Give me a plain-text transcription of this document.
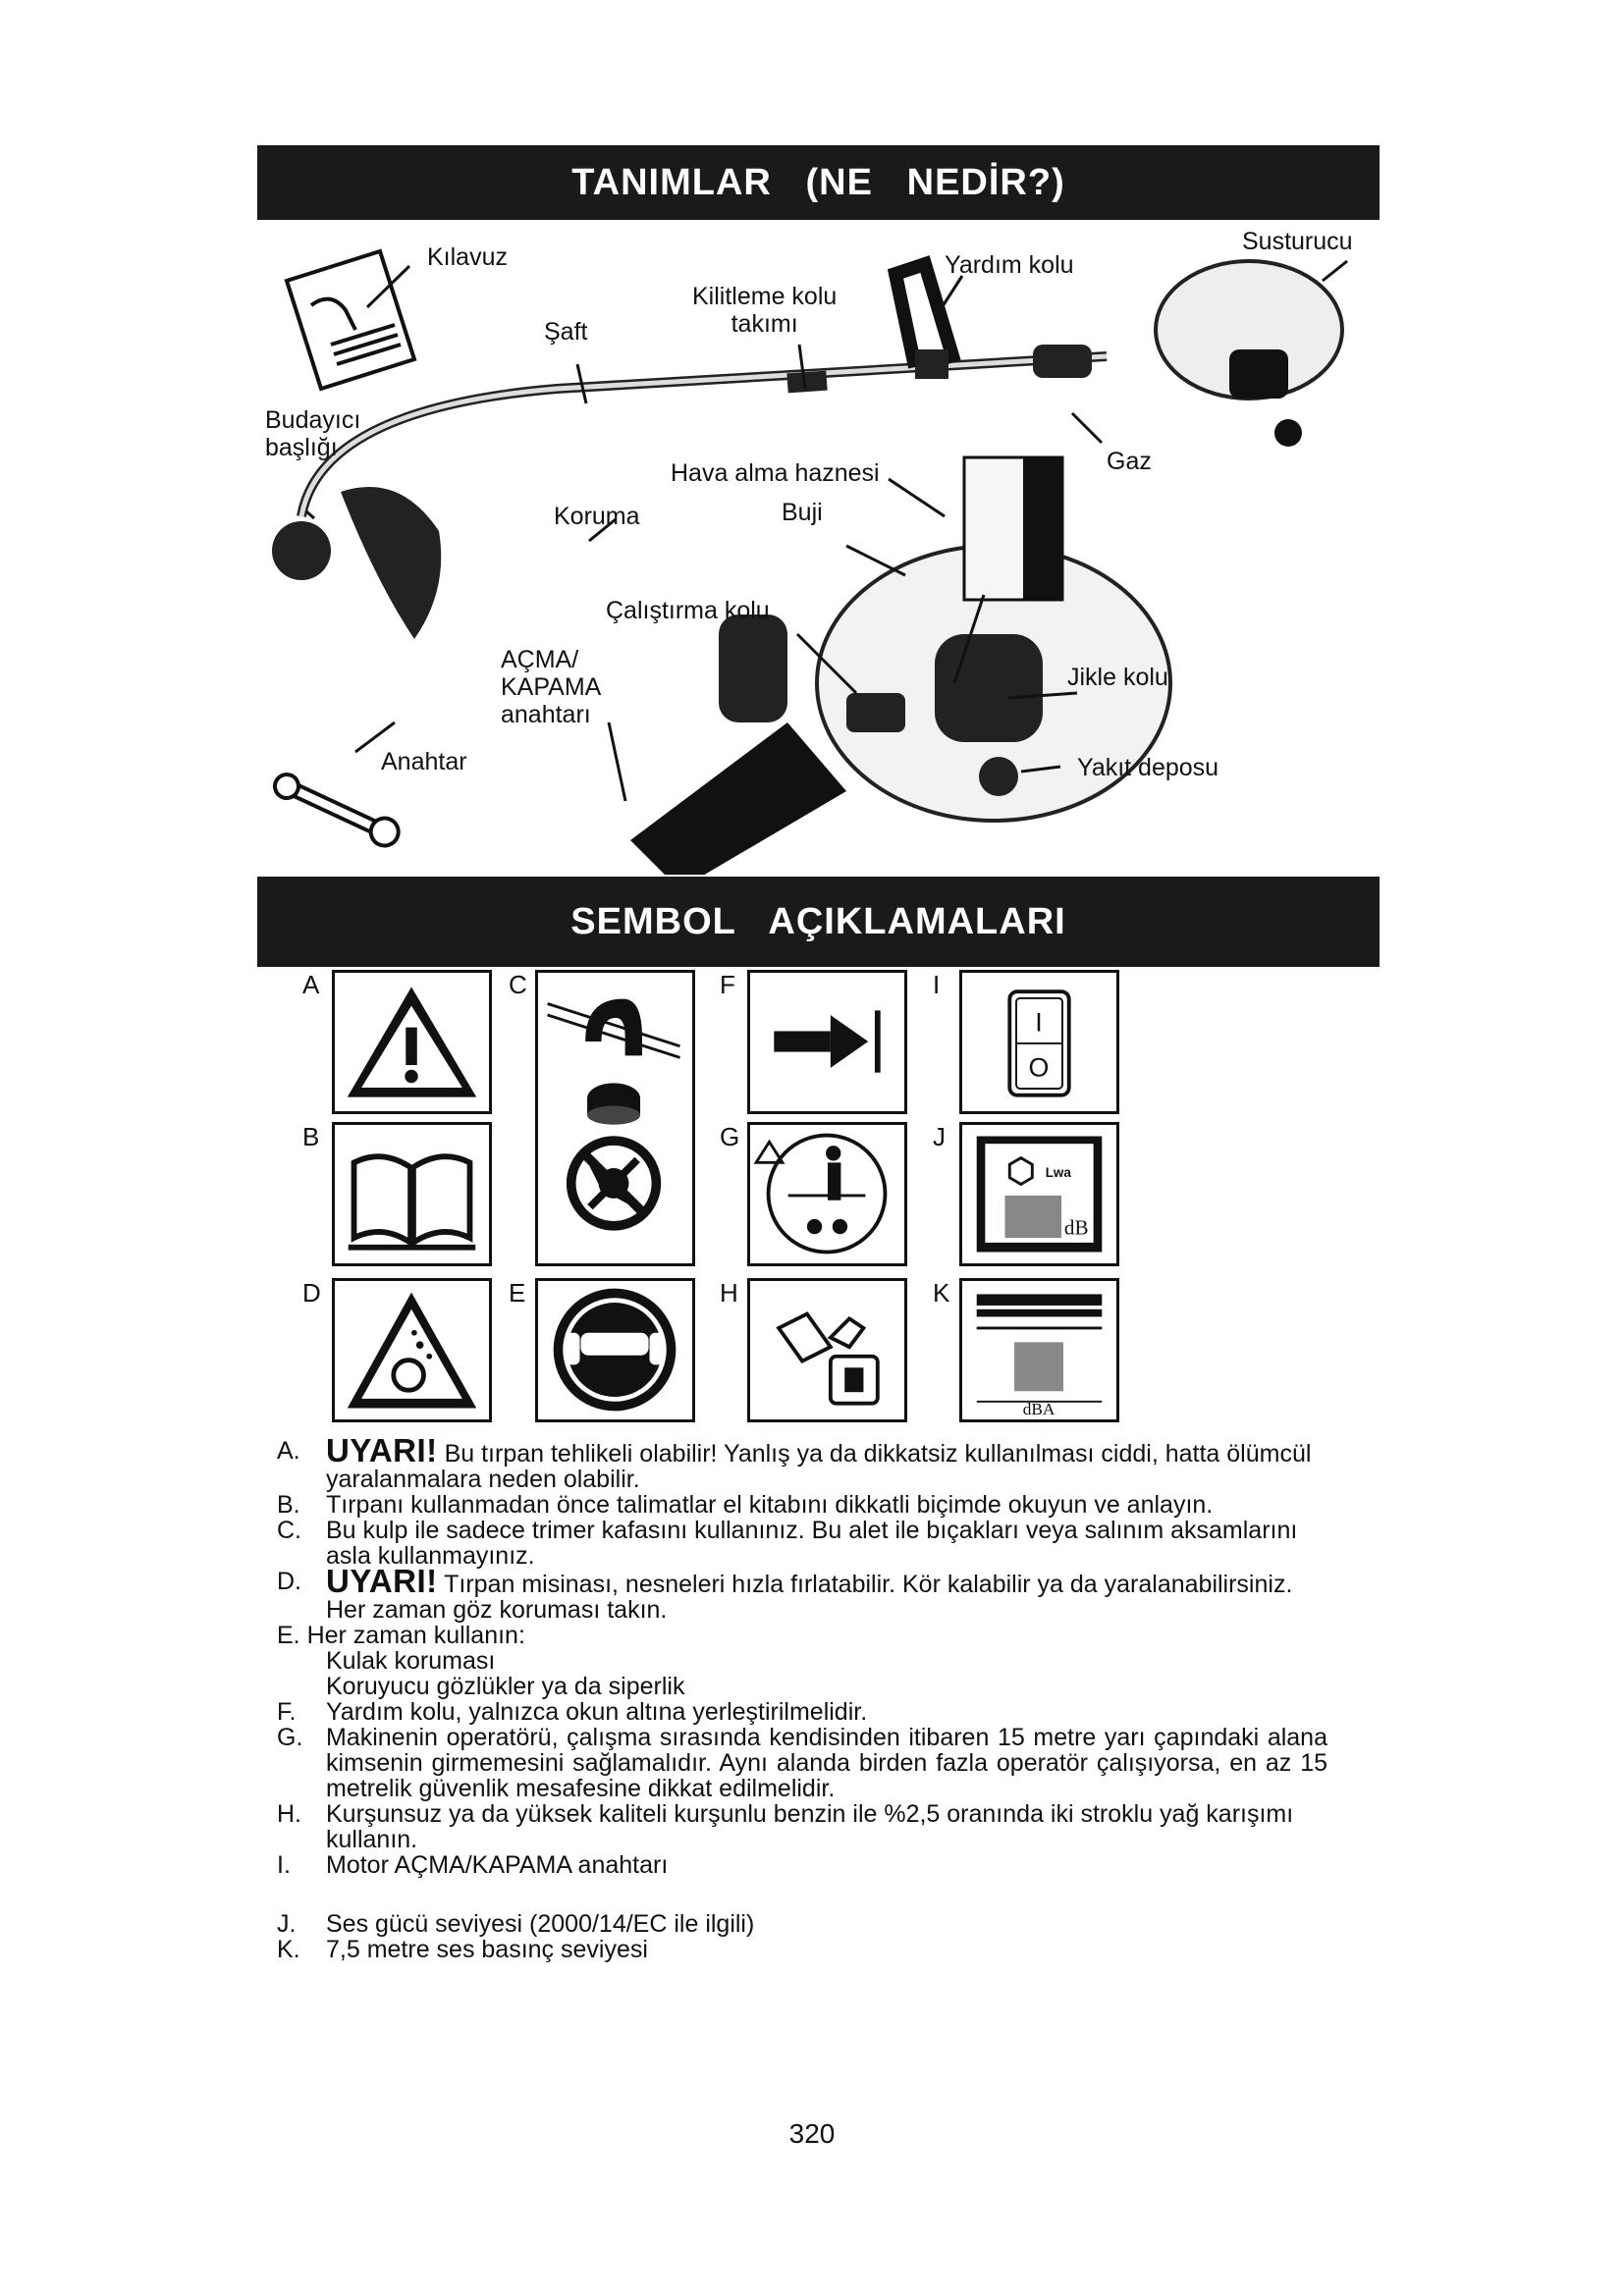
TANIMLAR   (NE   NEDİR?)
Kılavuz
Şaft
Kilitleme kolu
takımı
Yardım kolu
Susturucu
Budayıcı
başlığı
Hava alma haznesi	Gaz
Koruma	Buji
Çalıştırma kolu
AÇMA/
KAPAMA
anahtarı
Jikle kolu
Anahtar	Yakıt deposu
SEMBOL   AÇIKLAMALARI
A
B
C
D	E
F
G
H
I
J
K
I
O
Lwa
dB
dBA
A. UYARI! Bu tırpan tehlikeli olabilir! Yanlış ya da dikkatsiz kullanılması ciddi, hatta ölümcül yaralanmalara neden olabilir.
B.	Tırpanı kullanmadan önce talimatlar el kitabını dikkatli biçimde okuyun ve anlayın.
C.	Bu kulp ile sadece trimer kafasını kullanınız. Bu alet ile bıçakları veya salınım aksamlarını asla kullanmayınız.
D. UYARI! Tırpan misinası, nesneleri hızla fırlatabilir. Kör kalabilir ya da yaralanabilirsiniz. Her zaman göz koruması takın.
E. Her zaman kullanın:
Kulak koruması
Koruyucu gözlükler ya da siperlik
F.	Yardım kolu, yalnızca okun altına yerleştirilmelidir.
G. Makinenin operatörü, çalışma sırasında kendisinden itibaren 15 metre yarı çapındaki alana kimsenin girmemesini sağlamalıdır. Aynı alanda birden fazla operatör çalışıyorsa, en az 15 metrelik güvenlik mesafesine dikkat edilmelidir.
H.	Kurşunsuz ya da yüksek kaliteli kurşunlu benzin ile %2,5 oranında iki stroklu yağ karışımı kullanın.
I.	Motor AÇMA/KAPAMA anahtarı
J.	Ses gücü seviyesi (2000/14/EC ile ilgili)
K.	7,5 metre ses basınç seviyesi
320
